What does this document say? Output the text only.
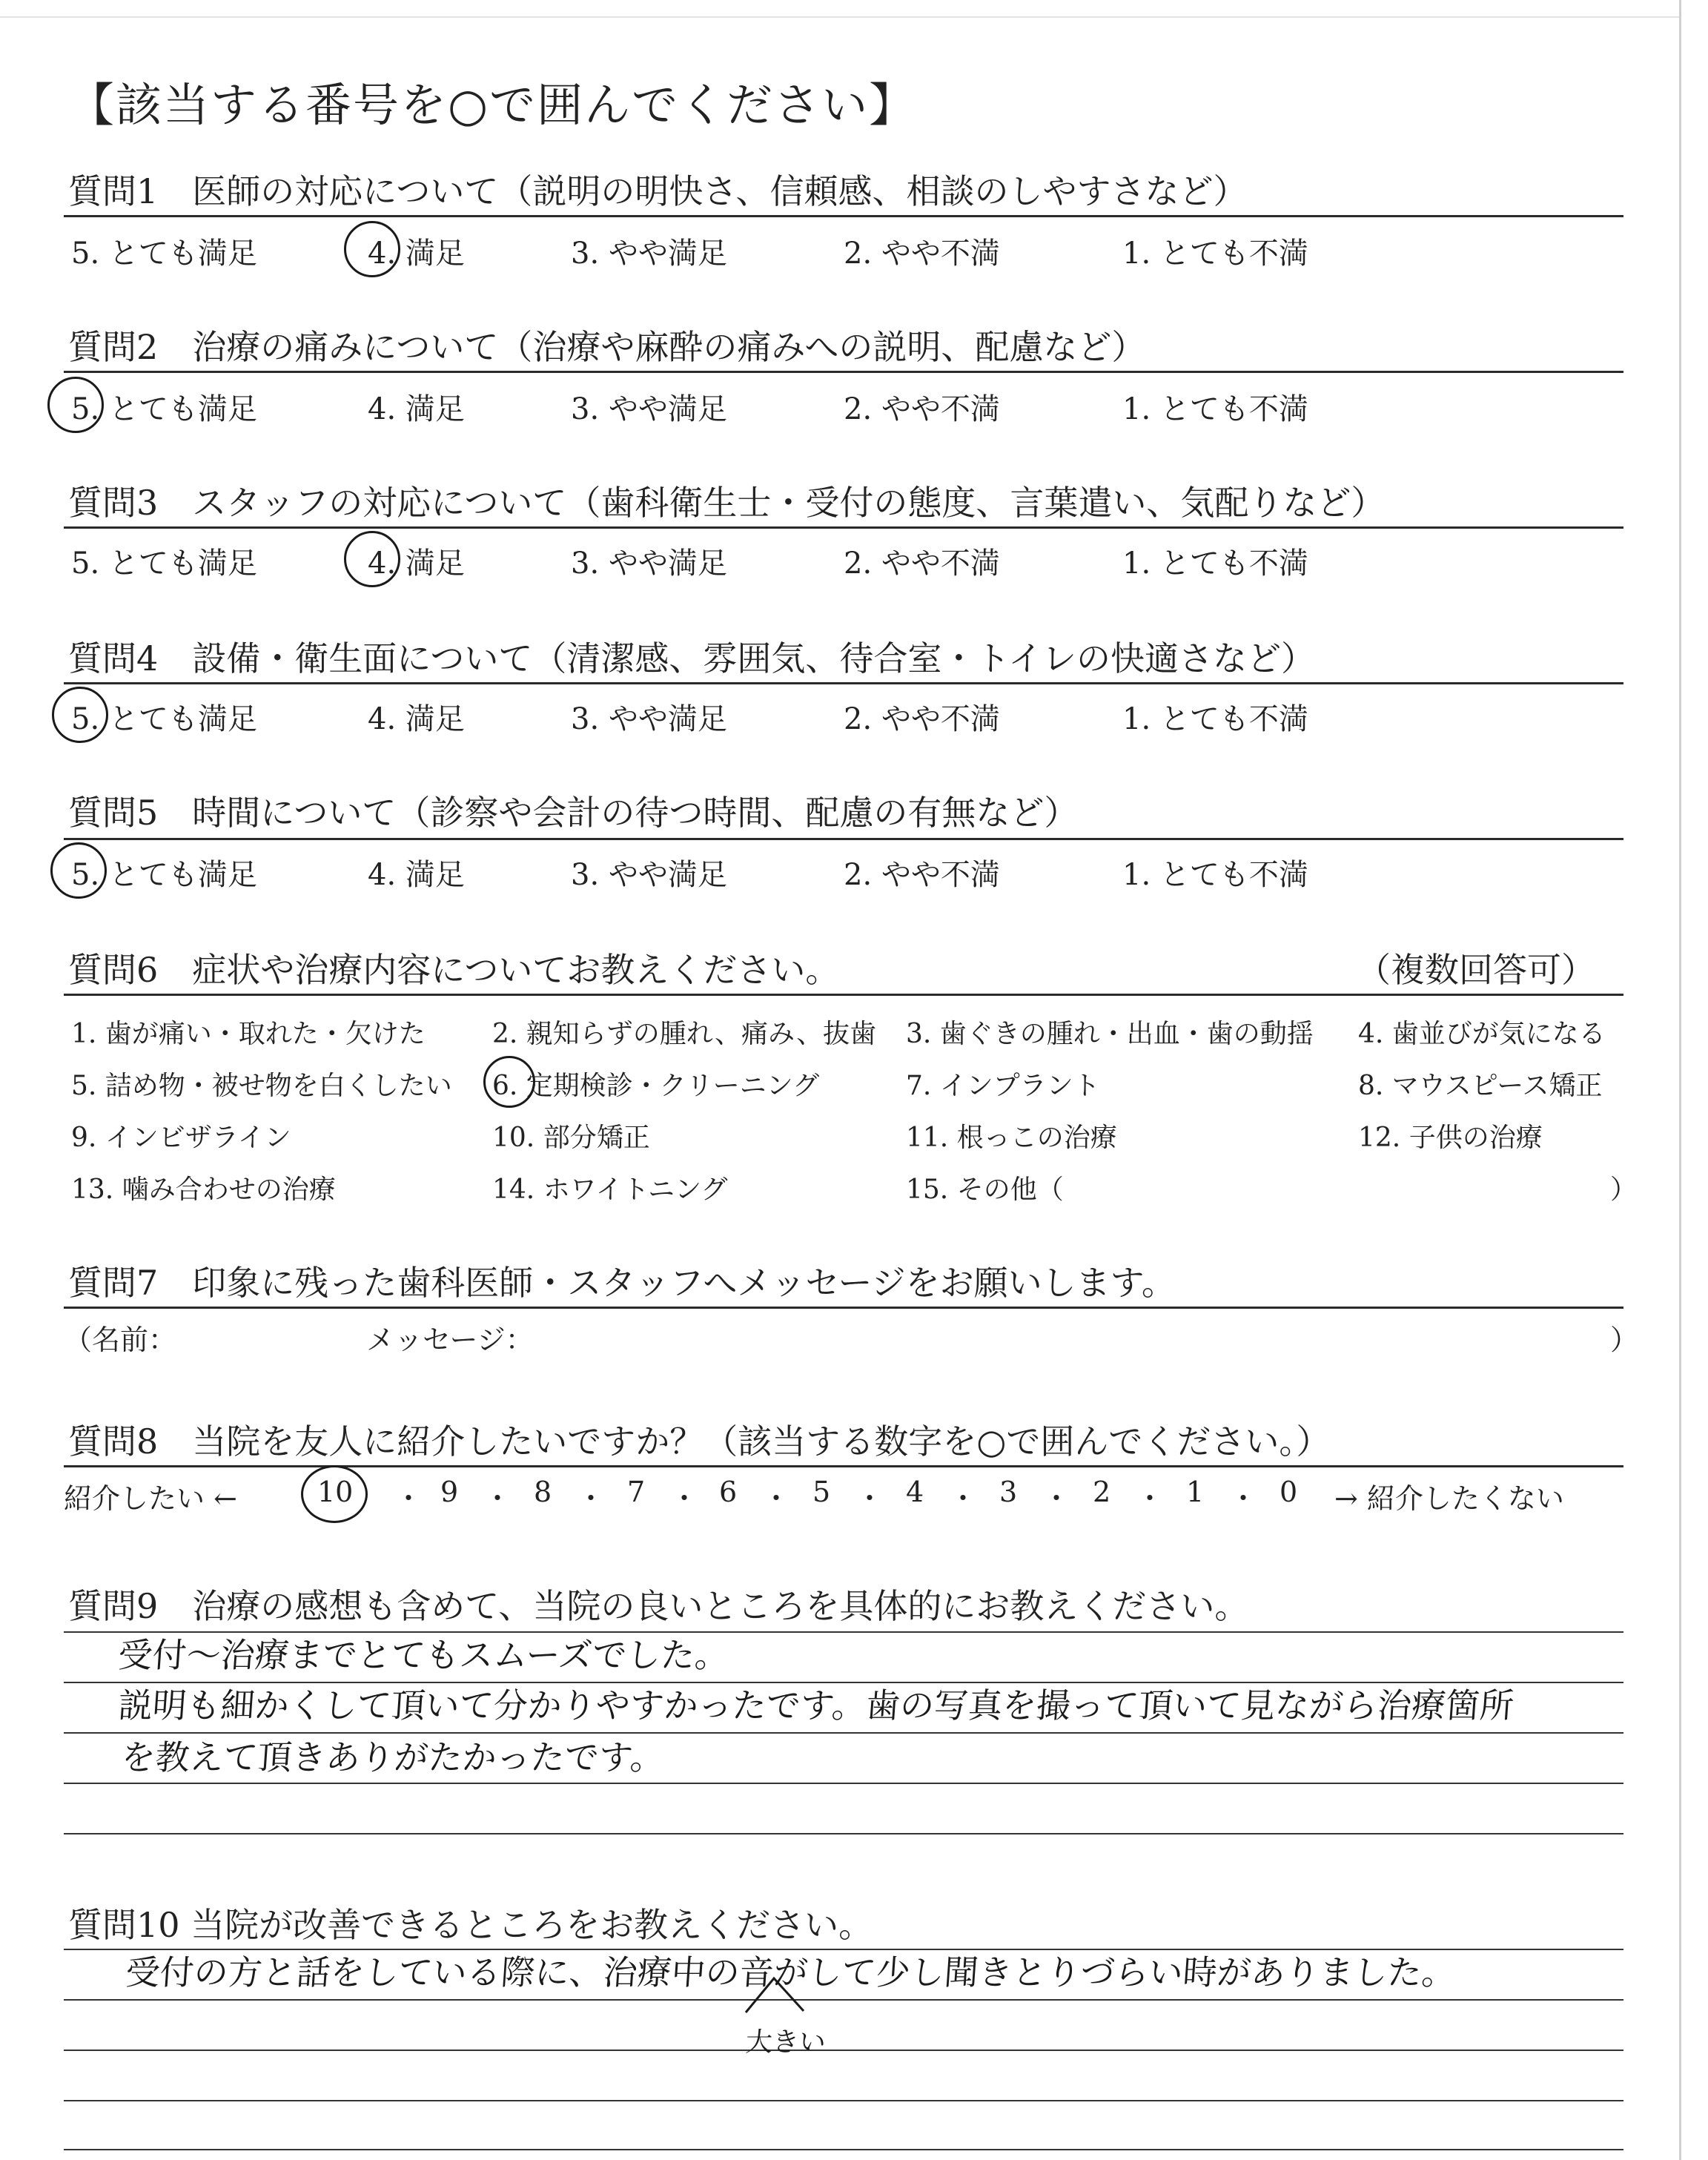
【該当する番号を○で囲んでください】
質問1　医師の対応について（説明の明快さ、信頼感、相談のしやすさなど）
5. とても満足	4. 満足	3. やや満足	2. やや不満	1. とても不満
質問2　治療の痛みについて（治療や麻酔の痛みへの説明、配慮など）
5. とても満足	4. 満足	3. やや満足	2. やや不満	1. とても不満
質問3　スタッフの対応について（歯科衛生士・受付の態度、言葉遣い、気配りなど）
5. とても満足	4. 満足	3. やや満足	2. やや不満	1. とても不満
質問4　設備・衛生面について（清潔感、雰囲気、待合室・トイレの快適さなど）
5. とても満足	4. 満足	3. やや満足	2. やや不満	1. とても不満
質問5　時間について（診察や会計の待つ時間、配慮の有無など）
5. とても満足	4. 満足	3. やや満足	2. やや不満	1. とても不満
質問6　症状や治療内容についてお教えください。	（複数回答可）
1. 歯が痛い・取れた・欠けた	2. 親知らずの腫れ、痛み、抜歯 3. 歯ぐきの腫れ・出血・歯の動揺 4. 歯並びが気になる
5. 詰め物・被せ物を白くしたい 6. 定期検診・クリーニング	7. インプラント	8. マウスピース矯正
9. インビザライン	10. 部分矯正	11. 根っこの治療	12. 子供の治療
13. 噛み合わせの治療	14. ホワイトニング	15. その他（	）
質問7　印象に残った歯科医師・スタッフへメッセージをお願いします。
（名前：	メッセージ：	）
質問8　当院を友人に紹介したいですか？（該当する数字を○で囲んでください。）
紹介したい ←	10 ・ 9 ・ 8 ・ 7 ・ 6 ・ 5 ・ 4 ・ 3 ・ 2 ・ 1 ・ 0 → 紹介したくない
質問9　治療の感想も含めて、当院の良いところを具体的にお教えください。
受付〜治療までとてもスムーズでした。
説明も細かくして頂いて分かりやすかったです。歯の写真を撮って頂いて見ながら治療箇所
を教えて頂きありがたかったです。
質問10 当院が改善できるところをお教えください。
受付の方と話をしている際に、治療中の音がして少し聞きとりづらい時がありました。
大きい
